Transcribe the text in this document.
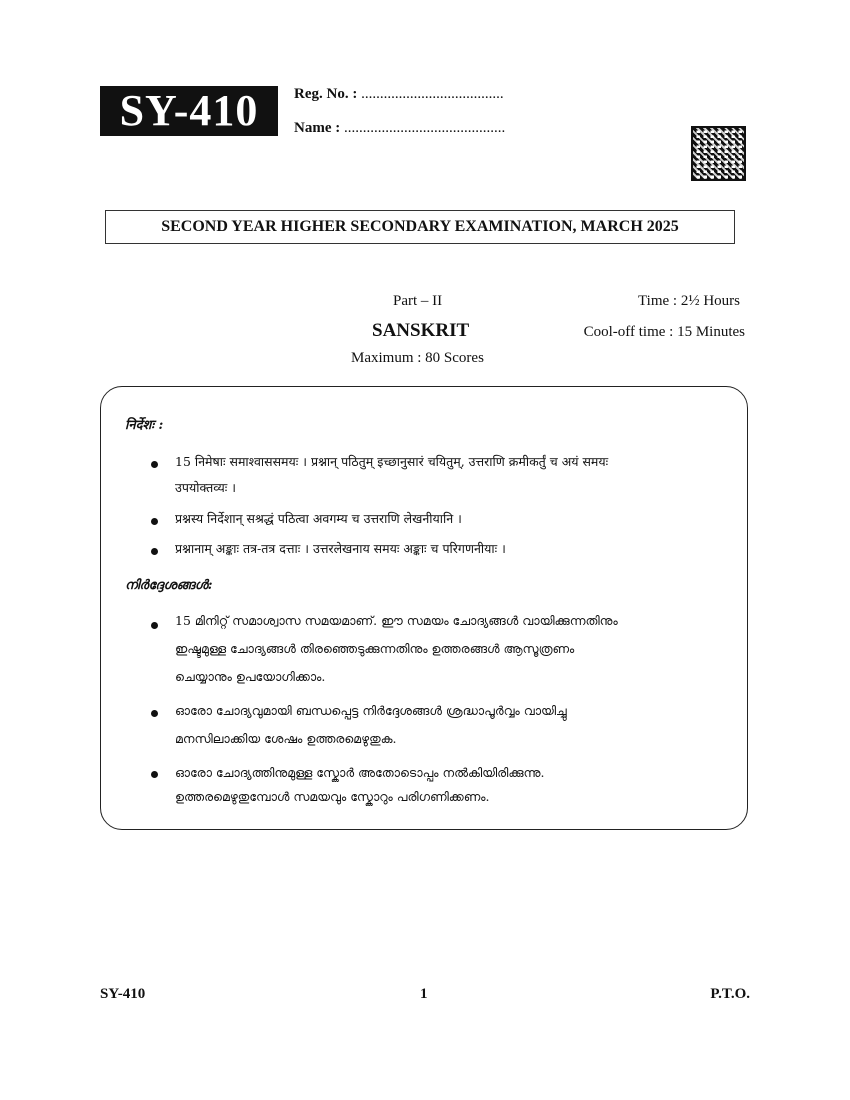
SY-410	Reg. No. : ......................................
Name : ...........................................
SECOND YEAR HIGHER SECONDARY EXAMINATION, MARCH 2025
Part – II	Time : 2½ Hours
SANSKRIT	Cool-off time : 15 Minutes
Maximum : 80 Scores
निर्देशः :
15 निमेषाः समाश्वाससमयः । प्रश्नान् पठितुम् इच्छानुसारं चयितुम्, उत्तराणि क्रमीकर्तुं च अयं समयः
उपयोक्तव्यः ।
प्रश्नस्य निर्देशान् सश्रद्धं पठित्वा अवगम्य च उत्तराणि लेखनीयानि ।
प्रश्नानाम् अङ्काः तत्र-तत्र दत्ताः । उत्तरलेखनाय समयः अङ्काः च परिगणनीयाः ।
നിർദ്ദേശങ്ങൾ:
15 മിനിറ്റ് സമാശ്വാസ സമയമാണ്. ഈ സമയം ചോദ്യങ്ങൾ വായിക്കുന്നതിനും
ഇഷ്ടമുള്ള ചോദ്യങ്ങൾ തിരഞ്ഞെടുക്കുന്നതിനും ഉത്തരങ്ങൾ ആസൂത്രണം
ചെയ്യാനും ഉപയോഗിക്കാം.
ഓരോ ചോദ്യവുമായി ബന്ധപ്പെട്ട നിർദ്ദേശങ്ങൾ ശ്രദ്ധാപൂർവ്വം വായിച്ചു
മനസിലാക്കിയ ശേഷം ഉത്തരമെഴുതുക.
ഓരോ ചോദ്യത്തിനുമുള്ള സ്കോർ അതോടൊപ്പം നൽകിയിരിക്കുന്നു.
ഉത്തരമെഴുതുമ്പോൾ സമയവും സ്കോറും പരിഗണിക്കണം.
SY-410	1	P.T.O.
